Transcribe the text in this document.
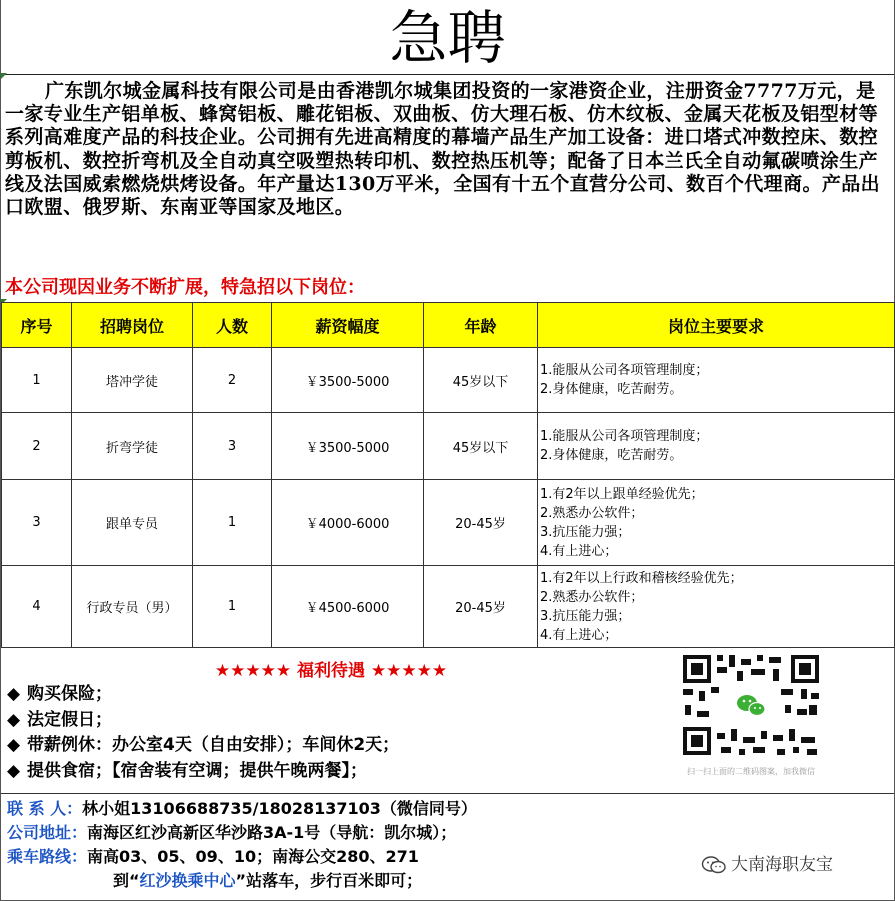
急聘
广东凯尔城金属科技有限公司是由香港凯尔城集团投资的一家港资企业，注册资金7777万元，是一家专业生产铝单板、蜂窝铝板、雕花铝板、双曲板、仿大理石板、仿木纹板、金属天花板及铝型材等系列高难度产品的科技企业。公司拥有先进高精度的幕墙产品生产加工设备：进口塔式冲数控床、数控剪板机、数控折弯机及全自动真空吸塑热转印机、数控热压机等；配备了日本兰氏全自动氟碳喷涂生产线及法国威索燃烧烘烤设备。年产量达130万平米，全国有十五个直营分公司、数百个代理商。产品出口欧盟、俄罗斯、东南亚等国家及地区。
本公司现因业务不断扩展，特急招以下岗位：
序号	招聘岗位	人数	薪资幅度	年龄	岗位主要要求
1	塔冲学徒	2	￥3500-5000	45岁以下	1.能服从公司各项管理制度；
2.身体健康，吃苦耐劳。

2	折弯学徒	3	￥3500-5000	45岁以下	1.能服从公司各项管理制度；
2.身体健康，吃苦耐劳。

3	跟单专员	1	￥4000-6000	20-45岁	1.有2年以上跟单经验优先；
2.熟悉办公软件；
3.抗压能力强；
4.有上进心；

4	行政专员（男）	1	￥4500-6000	20-45岁	1.有2年以上行政和稽核经验优先；
2.熟悉办公软件；
3.抗压能力强；
4.有上进心；
★★★★★ 福利待遇 ★★★★★
◆ 购买保险；
◆ 法定假日；
◆ 带薪例休：办公室4天（自由安排）；车间休2天；
◆ 提供食宿；【宿舍装有空调；提供午晚两餐】；	扫一扫上面的二维码图案，加我微信
联 系 人：林小姐13106688735/18028137103（微信同号）
公司地址：南海区红沙高新区华沙路3A-1号（导航：凯尔城）；
乘车路线：南高03、05、09、10；南海公交280、271
到“红沙换乘中心”站落车，步行百米即可；
大南海职友宝
